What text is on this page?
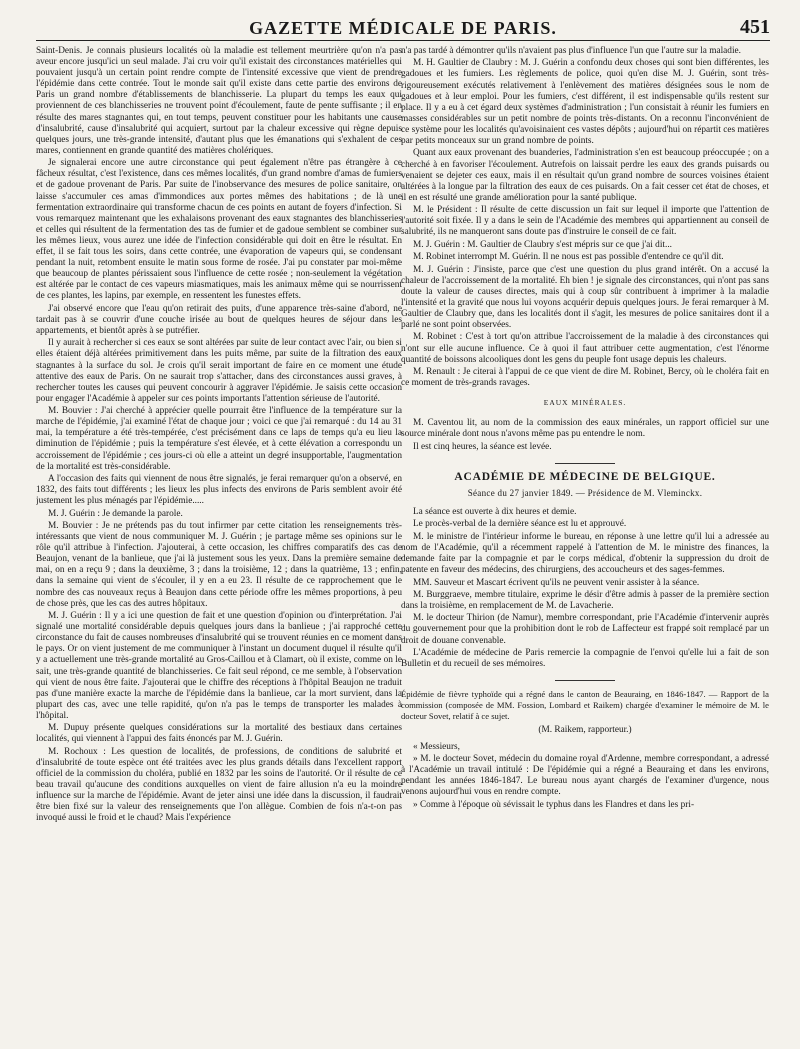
GAZETTE MÉDICALE DE PARIS.	451

Saint-Denis. Je connais plusieurs localités où la maladie est tellement meurtrière qu'on n'a pas aveur encore jusqu'ici un seul malade. J'ai cru voir qu'il existait des circonstances matérielles qui pouvaient jusqu'à un certain point rendre compte de l'intensité excessive que vient de prendre l'épidémie dans cette contrée. Tout le monde sait qu'il existe dans cette partie des environs de Paris un grand nombre d'établissements de blanchisserie. La plupart du temps les eaux qui proviennent de ces blanchisseries ne trouvent point d'écoulement, faute de pente suffisante ; il en résulte des mares stagnantes qui, en tout temps, peuvent constituer pour les habitants une cause d'insalubrité, cause d'insalubrité qui acquiert, surtout par la chaleur excessive qui règne depuis quelques jours, une très-grande intensité, d'autant plus que les émanations qui s'exhalent de ces mares, contiennent en grande quantité des matières cholériques.

Je signalerai encore une autre circonstance qui peut également n'être pas étrangère à ce fâcheux résultat, c'est l'existence, dans ces mêmes localités, d'un grand nombre d'amas de fumiers et de gadoue provenant de Paris. Par suite de l'inobservance des mesures de police sanitaire, on laisse s'accumuler ces amas d'immondices aux portes mêmes des habitations ; de là une fermentation extraordinaire qui transforme chacun de ces points en autant de foyers d'infection. Si vous remarquez maintenant que les exhalaisons provenant des eaux stagnantes des blanchisseries et celles qui résultent de la fermentation des tas de fumier et de gadoue semblent se combiner sur les mêmes lieux, vous aurez une idée de l'infection considérable qui doit en être le résultat. En effet, il se fait tous les soirs, dans cette contrée, une évaporation de vapeurs qui, se condensant pendant la nuit, retombent ensuite le matin sous forme de rosée. J'ai pu constater par moi-même que beaucoup de plantes périssaient sous l'influence de cette rosée ; non-seulement la végétation est altérée par le contact de ces vapeurs miasmatiques, mais les animaux même qui se nourrissent de ces plantes, les lapins, par exemple, en ressentent les funestes effets.

J'ai observé encore que l'eau qu'on retirait des puits, d'une apparence très-saine d'abord, ne tardait pas à se couvrir d'une couche irisée au bout de quelques heures de séjour dans les appartements, et bientôt après à se putréfier.

Il y aurait à rechercher si ces eaux se sont altérées par suite de leur contact avec l'air, ou bien si elles étaient déjà altérées primitivement dans les puits même, par suite de la filtration des eaux stagnantes à la surface du sol. Je crois qu'il serait important de faire en ce moment une étude attentive des eaux de Paris. On ne saurait trop s'attacher, dans des circonstances aussi graves, à rechercher toutes les causes qui peuvent concourir à aggraver l'épidémie. Je saisis cette occasion pour engager l'Académie à appeler sur ces points importants l'attention sérieuse de l'autorité.

M. Bouvier : J'ai cherché à apprécier quelle pourrait être l'influence de la température sur la marche de l'épidémie, j'ai examiné l'état de chaque jour ; voici ce que j'ai remarqué : du 14 au 31 mai, la température a été très-tempérée, c'est précisément dans ce laps de temps qu'a eu lieu la diminution de l'épidémie ; puis la température s'est élevée, et à cette élévation a correspondu un accroissement de l'épidémie ; ces jours-ci où elle a atteint un degré insupportable, l'augmentation de la mortalité est très-considérable.

A l'occasion des faits qui viennent de nous être signalés, je ferai remarquer qu'on a observé, en 1832, des faits tout différents ; les lieux les plus infects des environs de Paris semblent avoir été justement les plus ménagés par l'épidémie.....

M. J. Guérin : Je demande la parole.

M. Bouvier : Je ne prétends pas du tout infirmer par cette citation les renseignements très-intéressants que vient de nous communiquer M. J. Guérin ; je partage même ses opinions sur le rôle qu'il attribue à l'infection. J'ajouterai, à cette occasion, les chiffres comparatifs des cas de Beaujon, venant de la banlieue, que j'ai là justement sous les yeux. Dans la première semaine de mai, on en a reçu 9 ; dans la deuxième, 3 ; dans la troisième, 12 ; dans la quatrième, 13 ; enfin, dans la semaine qui vient de s'écouler, il y en a eu 23. Il résulte de ce rapprochement que le nombre des cas nouveaux reçus à Beaujon dans cette période offre les mêmes proportions, à peu de chose près, que les cas des autres hôpitaux.

M. J. Guérin : Il y a ici une question de fait et une question d'opinion ou d'interprétation. J'ai signalé une mortalité considérable depuis quelques jours dans la banlieue ; j'ai rapproché cette circonstance du fait de causes nombreuses d'insalubrité qui se trouvent réunies en ce moment dans le pays. Or on vient justement de me communiquer à l'instant un document duquel il résulte qu'il y a actuellement une très-grande mortalité au Gros-Caillou et à Clamart, où il existe, comme on le sait, une très-grande quantité de blanchisseries. Ce fait seul répond, ce me semble, à l'observation qui vient de nous être faite. J'ajouterai que le chiffre des réceptions à l'hôpital Beaujon ne traduit pas d'une manière exacte la marche de l'épidémie dans la banlieue, car la mort survient, dans la plupart des cas, avec une telle rapidité, qu'on n'a pas le temps de transporter les malades à l'hôpital.

M. Dupuy présente quelques considérations sur la mortalité des bestiaux dans certaines localités, qui viennent à l'appui des faits énoncés par M. J. Guérin.

M. Rochoux : Les question de localités, de professions, de conditions de salubrité et d'insalubrité de toute espèce ont été traitées avec les plus grands détails dans l'excellent rapport officiel de la commission du choléra, publié en 1832 par les soins de l'autorité. Or il résulte de ce beau travail qu'aucune des conditions auxquelles on vient de faire allusion n'a eu la moindre influence sur la marche de l'épidémie. Avant de jeter ainsi une idée dans la discussion, il faudrait être bien fixé sur la valeur des renseignements que l'on allègue. Combien de fois n'a-t-on pas invoqué aussi le froid et le chaud? Mais l'expérience

n'a pas tardé à démontrer qu'ils n'avaient pas plus d'influence l'un que l'autre sur la maladie.

M. H. Gaultier de Claubry : M. J. Guérin a confondu deux choses qui sont bien différentes, les gadoues et les fumiers. Les règlements de police, quoi qu'en dise M. J. Guérin, sont très-rigoureusement exécutés relativement à l'enlèvement des matières désignées sous le nom de gadoues et à leur emploi. Pour les fumiers, c'est différent, il est indispensable qu'ils restent sur place. Il y a eu à cet égard deux systèmes d'administration ; l'un consistait à réunir les fumiers en masses considérables sur un petit nombre de points très-distants. On a reconnu l'inconvénient de ce système pour les localités qu'avoisinaient ces vastes dépôts ; aujourd'hui on répartit ces matières par petits monceaux sur un grand nombre de points.

Quant aux eaux provenant des buanderies, l'administration s'en est beaucoup préoccupée ; on a cherché à en favoriser l'écoulement. Autrefois on laissait perdre les eaux des grands puisards ou venaient se dejeter ces eaux, mais il en résultait qu'un grand nombre de sources voisines étaient altérées à la longue par la filtration des eaux de ces puisards. On a fait cesser cet état de choses, et il en est résulté une grande amélioration pour la santé publique.

M. le Président : Il résulte de cette discussion un fait sur lequel il importe que l'attention de l'autorité soit fixée. Il y a dans le sein de l'Académie des membres qui appartiennent au conseil de salubrité, ils ne manqueront sans doute pas d'instruire le conseil de ce fait.

M. J. Guérin : M. Gaultier de Claubry s'est mépris sur ce que j'ai dit...

M. Robinet interrompt M. Guérin. Il ne nous est pas possible d'entendre ce qu'il dit.

M. J. Guérin : J'insiste, parce que c'est une question du plus grand intérêt. On a accusé la chaleur de l'accroissement de la mortalité. Eh bien ! je signale des circonstances, qui n'ont pas sans doute la valeur de causes directes, mais qui à coup sûr contribuent à imprimer à la maladie l'intensité et la gravité que nous lui voyons acquérir depuis quelques jours. Je ferai remarquer à M. Gaultier de Claubry que, dans les localités dont il s'agit, les mesures de police sanitaires dont il a parlé ne sont point observées.

M. Robinet : C'est à tort qu'on attribue l'accroissement de la maladie à des circonstances qui n'ont sur elle aucune influence. Ce à quoi il faut attribuer cette augmentation, c'est l'énorme quantité de boissons alcooliques dont les gens du peuple font usage depuis les chaleurs.

M. Renault : Je citerai à l'appui de ce que vient de dire M. Robinet, Bercy, où le choléra fait en ce moment de très-grands ravages.

EAUX MINÉRALES.

M. Caventou lit, au nom de la commission des eaux minérales, un rapport officiel sur une source minérale dont nous n'avons même pas pu entendre le nom.

Il est cinq heures, la séance est levée.

ACADÉMIE DE MÉDECINE DE BELGIQUE.
Séance du 27 janvier 1849. — Présidence de M. Vleminckx.

La séance est ouverte à dix heures et demie.

Le procès-verbal de la dernière séance est lu et approuvé.

M. le ministre de l'intérieur informe le bureau, en réponse à une lettre qu'il lui a adressée au nom de l'Académie, qu'il a récemment rappelé à l'attention de M. le ministre des finances, la demande faite par la compagnie et par le corps médical, d'obtenir la suppression du droit de patente en faveur des médecins, des chirurgiens, des accoucheurs et des sages-femmes.

MM. Sauveur et Mascart écrivent qu'ils ne peuvent venir assister à la séance.

M. Burggraeve, membre titulaire, exprime le désir d'être admis à passer de la première section dans la troisième, en remplacement de M. de Lavacherie.

M. le docteur Thirion (de Namur), membre correspondant, prie l'Académie d'intervenir auprès du gouvernement pour que la prohibition dont le rob de Laffecteur est frappé soit remplacé par un droit de douane convenable.

L'Académie de médecine de Paris remercie la compagnie de l'envoi qu'elle lui a fait de son Bulletin et du recueil de ses mémoires.

Épidémie de fièvre typhoïde qui a régné dans le canton de Beauraing, en 1846-1847. — Rapport de la commission (composée de MM. Fossion, Lombard et Raikem) chargée d'examiner le mémoire de M. le docteur Sovet, relatif à ce sujet.

(M. Raikem, rapporteur.)

« Messieurs,

» M. le docteur Sovet, médecin du domaine royal d'Ardenne, membre correspondant, a adressé à l'Académie un travail intitulé : De l'épidémie qui a régné a Beauraing et dans les environs, pendant les années 1846-1847. Le bureau nous ayant chargés de l'examiner d'urgence, nous venons aujourd'hui vous en rendre compte.

» Comme à l'époque où sévissait le typhus dans les Flandres et dans les pri-
